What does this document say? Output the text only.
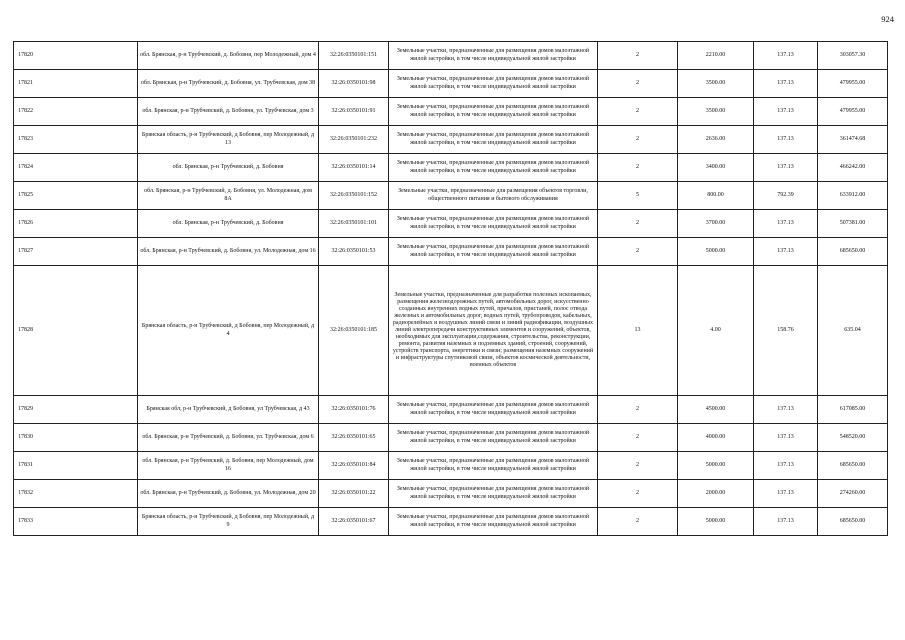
924
17820	обл. Брянская, р-н Трубчевский, д. Бобовня, пер Молодежный, дом 4	32:26:0350101:151	Земельные участки, предназначенные для размещения домов малоэтажной жилой застройки, в том числе индивидуальной жилой застройки	2	2210.00	137.13	303057.30
17821	обл. Брянская, р-н Трубчевский, д. Бобовня, ул. Трубчевская, дом 38	32:26:0350101:98	Земельные участки, предназначенные для размещения домов малоэтажной жилой застройки, в том числе индивидуальной жилой застройки	2	3500.00	137.13	479955.00
17822	обл. Брянская, р-н Трубчевский, д. Бобовня, ул. Трубчевская, дом 3	32:26:0350101:91	Земельные участки, предназначенные для размещения домов малоэтажной жилой застройки, в том числе индивидуальной жилой застройки	2	3500.00	137.13	479955.00
17823	Брянская область, р-н Трубчевский, д Бобовня, пер Молодежный, д 13	32:26:0350101:232	Земельные участки, предназначенные для размещения домов малоэтажной жилой застройки, в том числе индивидуальной жилой застройки	2	2636.00	137.13	361474.68
17824	обл. Брянская, р-н Трубчевский, д. Бобовня	32:26:0350101:14	Земельные участки, предназначенные для размещения домов малоэтажной жилой застройки, в том числе индивидуальной жилой застройки	2	3400.00	137.13	466242.00
17825	обл. Брянская, р-н Трубчевский, д. Бобовня, ул. Молодежная, дом 8А	32:26:0350101:152	Земельные участки, предназначенные для размещения объектов торговли, общественного питания и бытового обслуживания	5	800.00	792.39	633912.00
17826	обл. Брянская, р-н Трубчевский, д. Бобовня	32:26:0350101:101	Земельные участки, предназначенные для размещения домов малоэтажной жилой застройки, в том числе индивидуальной жилой застройки	2	3700.00	137.13	507381.00
17827	обл. Брянская, р-н Трубчевский, д. Бобовня, ул. Молодежная, дом 16	32:26:0350101:53	Земельные участки, предназначенные для размещения домов малоэтажной жилой застройки, в том числе индивидуальной жилой застройки	2	5000.00	137.13	685650.00
17828	Брянская область, р-н Трубчевский, д Бобовня, пер Молодежный, д 4	32:26:0350101:185	Земельные участки, предназначенные для разработки полезных ископаемых, размещения железнодорожных путей, автомобильных дорог, искусственно созданных внутренних водных путей, причалов, пристаней, полос отвода железных и автомобильных дорог, водных путей, трубопроводов, кабельных, радиорелейных и воздушных линий связи и линий радиофикации, воздушных линий электропередачи конструктивных элементов и сооружений, объектов, необходимых для эксплуатации,содержания, строительства, реконструкции, ремонта, развития наземных и подземных зданий, строений, сооружений, устройств транспорта, энергетики и связи; размещения наземных сооружений и инфраструктуры спутниковой связи, объектов космической деятельности, военных объектов	13	4.00	158.76	635.04
17829	Брянская обл, р-н Трубчевский, д Бобовня, ул Трубчевская, д 43	32:26:0350101:76	Земельные участки, предназначенные для размещения домов малоэтажной жилой застройки, в том числе индивидуальной жилой застройки	2	4500.00	137.13	617085.00
17830	обл. Брянская, р-н Трубчевский, д. Бобовня, ул. Трубчевская, дом 6	32:26:0350101:65	Земельные участки, предназначенные для размещения домов малоэтажной жилой застройки, в том числе индивидуальной жилой застройки	2	4000.00	137.13	548520.00
17831	обл. Брянская, р-н Трубчевский, д. Бобовня, пер Молодежный, дом 16	32:26:0350101:84	Земельные участки, предназначенные для размещения домов малоэтажной жилой застройки, в том числе индивидуальной жилой застройки	2	5000.00	137.13	685650.00
17832	обл. Брянская, р-н Трубчевский, д. Бобовня, ул. Молодежная, дом 20	32:26:0350101:22	Земельные участки, предназначенные для размещения домов малоэтажной жилой застройки, в том числе индивидуальной жилой застройки	2	2000.00	137.13	274260.00
17833	Брянская область, р-н Трубчевский, д Бобовня, пер Молодежный, д 9	32:26:0350101:67	Земельные участки, предназначенные для размещения домов малоэтажной жилой застройки, в том числе индивидуальной жилой застройки	2	5000.00	137.13	685650.00
